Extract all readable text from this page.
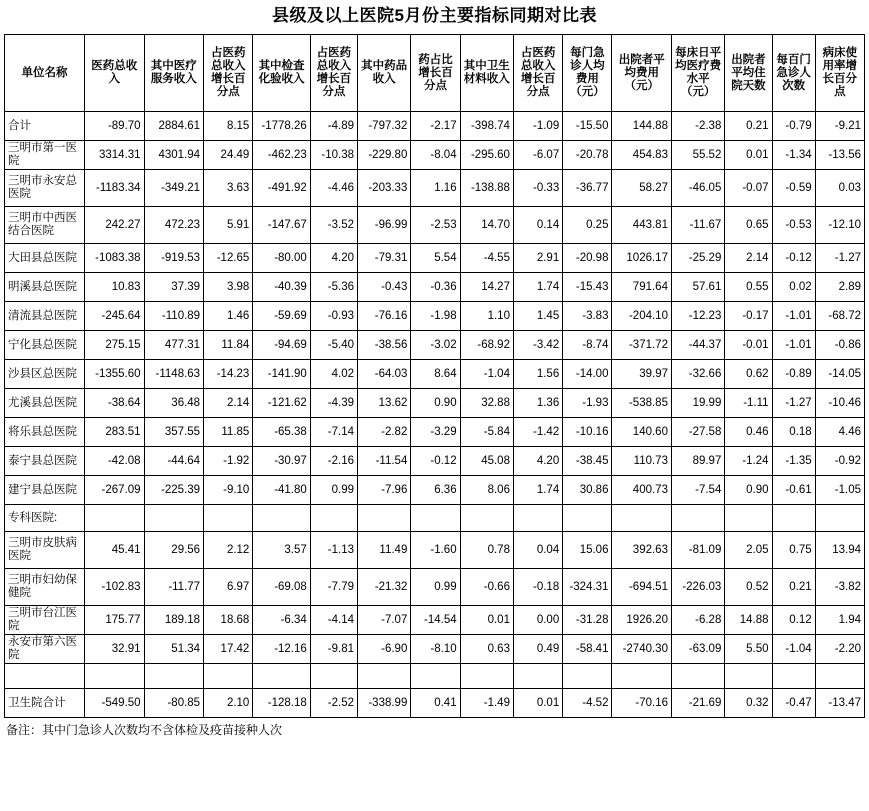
县级及以上医院5月份主要指标同期对比表
单位名称	医药总收入	其中医疗服务收入	占医药总收入增长百分点	其中检查化验收入	占医药总收入增长百分点	其中药品收入	药占比增长百分点	其中卫生材料收入	占医药总收入增长百分点	每门急诊人均费用（元）	出院者平均费用（元）	每床日平均医疗费水平（元）	出院者平均住院天数	每百门急诊人次数	病床使用率增长百分点
合计	-89.70	2884.61	8.15	-1778.26	-4.89	-797.32	-2.17	-398.74	-1.09	-15.50	144.88	-2.38	0.21	-0.79	-9.21
三明市第一医院	3314.31	4301.94	24.49	-462.23	-10.38	-229.80	-8.04	-295.60	-6.07	-20.78	454.83	55.52	0.01	-1.34	-13.56
三明市永安总医院	-1183.34	-349.21	3.63	-491.92	-4.46	-203.33	1.16	-138.88	-0.33	-36.77	58.27	-46.05	-0.07	-0.59	0.03
三明市中西医结合医院	242.27	472.23	5.91	-147.67	-3.52	-96.99	-2.53	14.70	0.14	0.25	443.81	-11.67	0.65	-0.53	-12.10
大田县总医院	-1083.38	-919.53	-12.65	-80.00	4.20	-79.31	5.54	-4.55	2.91	-20.98	1026.17	-25.29	2.14	-0.12	-1.27
明溪县总医院	10.83	37.39	3.98	-40.39	-5.36	-0.43	-0.36	14.27	1.74	-15.43	791.64	57.61	0.55	0.02	2.89
清流县总医院	-245.64	-110.89	1.46	-59.69	-0.93	-76.16	-1.98	1.10	1.45	-3.83	-204.10	-12.23	-0.17	-1.01	-68.72
宁化县总医院	275.15	477.31	11.84	-94.69	-5.40	-38.56	-3.02	-68.92	-3.42	-8.74	-371.72	-44.37	-0.01	-1.01	-0.86
沙县区总医院	-1355.60	-1148.63	-14.23	-141.90	4.02	-64.03	8.64	-1.04	1.56	-14.00	39.97	-32.66	0.62	-0.89	-14.05
尤溪县总医院	-38.64	36.48	2.14	-121.62	-4.39	13.62	0.90	32.88	1.36	-1.93	-538.85	19.99	-1.11	-1.27	-10.46
将乐县总医院	283.51	357.55	11.85	-65.38	-7.14	-2.82	-3.29	-5.84	-1.42	-10.16	140.60	-27.58	0.46	0.18	4.46
泰宁县总医院	-42.08	-44.64	-1.92	-30.97	-2.16	-11.54	-0.12	45.08	4.20	-38.45	110.73	89.97	-1.24	-1.35	-0.92
建宁县总医院	-267.09	-225.39	-9.10	-41.80	0.99	-7.96	6.36	8.06	1.74	30.86	400.73	-7.54	0.90	-0.61	-1.05
专科医院:															
三明市皮肤病医院	45.41	29.56	2.12	3.57	-1.13	11.49	-1.60	0.78	0.04	15.06	392.63	-81.09	2.05	0.75	13.94
三明市妇幼保健院	-102.83	-11.77	6.97	-69.08	-7.79	-21.32	0.99	-0.66	-0.18	-324.31	-694.51	-226.03	0.52	0.21	-3.82
三明市台江医院	175.77	189.18	18.68	-6.34	-4.14	-7.07	-14.54	0.01	0.00	-31.28	1926.20	-6.28	14.88	0.12	1.94
永安市第六医院	32.91	51.34	17.42	-12.16	-9.81	-6.90	-8.10	0.63	0.49	-58.41	-2740.30	-63.09	5.50	-1.04	-2.20

卫生院合计	-549.50	-80.85	2.10	-128.18	-2.52	-338.99	0.41	-1.49	0.01	-4.52	-70.16	-21.69	0.32	-0.47	-13.47
备注：其中门急诊人次数均不含体检及疫苗接种人次
